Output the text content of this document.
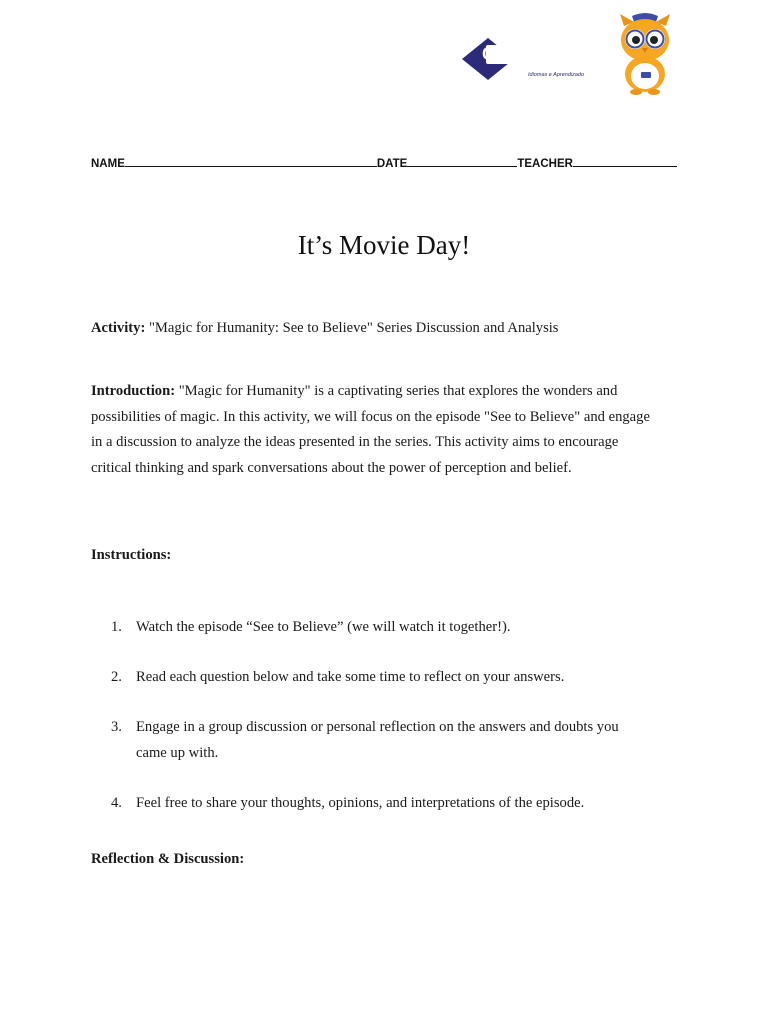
Cia.Cultural
Idiomas e Aprendizado
NAME	DATE	TEACHER
It’s Movie Day!
Activity: "Magic for Humanity: See to Believe" Series Discussion and Analysis
Introduction: "Magic for Humanity" is a captivating series that explores the wonders and possibilities of magic. In this activity, we will focus on the episode "See to Believe" and engage in a discussion to analyze the ideas presented in the series. This activity aims to encourage critical thinking and spark conversations about the power of perception and belief.
Instructions:
1. Watch the episode “See to Believe” (we will watch it together!).
2. Read each question below and take some time to reflect on your answers.
3. Engage in a group discussion or personal reflection on the answers and doubts you came up with.
4. Feel free to share your thoughts, opinions, and interpretations of the episode.
Reflection & Discussion:
